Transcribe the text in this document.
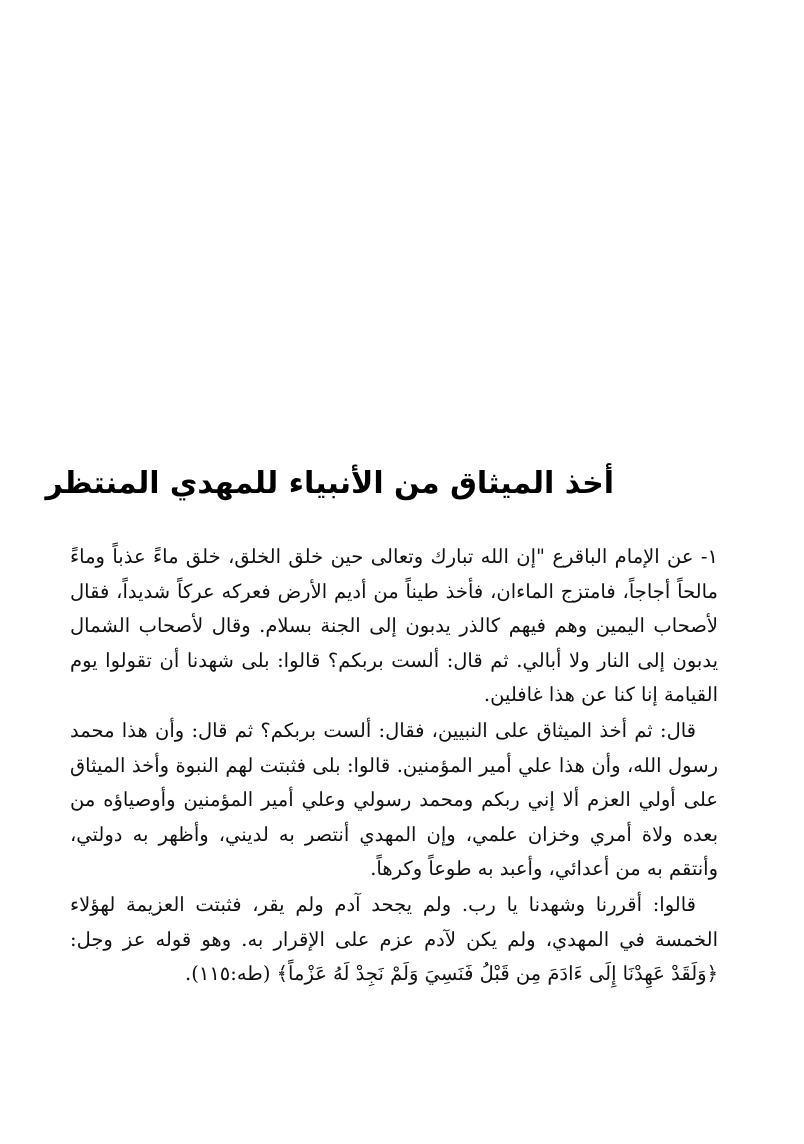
أخذ الميثاق من الأنبياء للمهدي المنتظر

١- عن الإمام الباقرع "إن الله تبارك وتعالى حين خلق الخلق، خلق ماءً عذباً وماءً مالحاً أجاجاً، فامتزج الماءان، فأخذ طيناً من أديم الأرض فعركه عركاً شديداً، فقال لأصحاب اليمين وهم فيهم كالذر يدبون إلى الجنة بسلام. وقال لأصحاب الشمال يدبون إلى النار ولا أبالي. ثم قال: ألست بربكم؟ قالوا: بلى شهدنا أن تقولوا يوم القيامة إنا كنا عن هذا غافلين.

قال: ثم أخذ الميثاق على النبيين، فقال: ألست بربكم؟ ثم قال: وأن هذا محمد رسول الله، وأن هذا علي أمير المؤمنين. قالوا: بلى فثبتت لهم النبوة وأخذ الميثاق على أولي العزم ألا إني ربكم ومحمد رسولي وعلي أمير المؤمنين وأوصياؤه من بعده ولاة أمري وخزان علمي، وإن المهدي أنتصر به لديني، وأظهر به دولتي، وأنتقم به من أعدائي، وأعبد به طوعاً وكرهاً.

قالوا: أقررنا وشهدنا يا رب. ولم يجحد آدم ولم يقر، فثبتت العزيمة لهؤلاء الخمسة في المهدي، ولم يكن لآدم عزم على الإقرار به. وهو قوله عز وجل: ﴿وَلَقَدْ عَهِدْنَا إِلَى ءَادَمَ مِن قَبْلُ فَنَسِيَ وَلَمْ نَجِدْ لَهُ عَزْماً﴾ (طه:١١٥).
